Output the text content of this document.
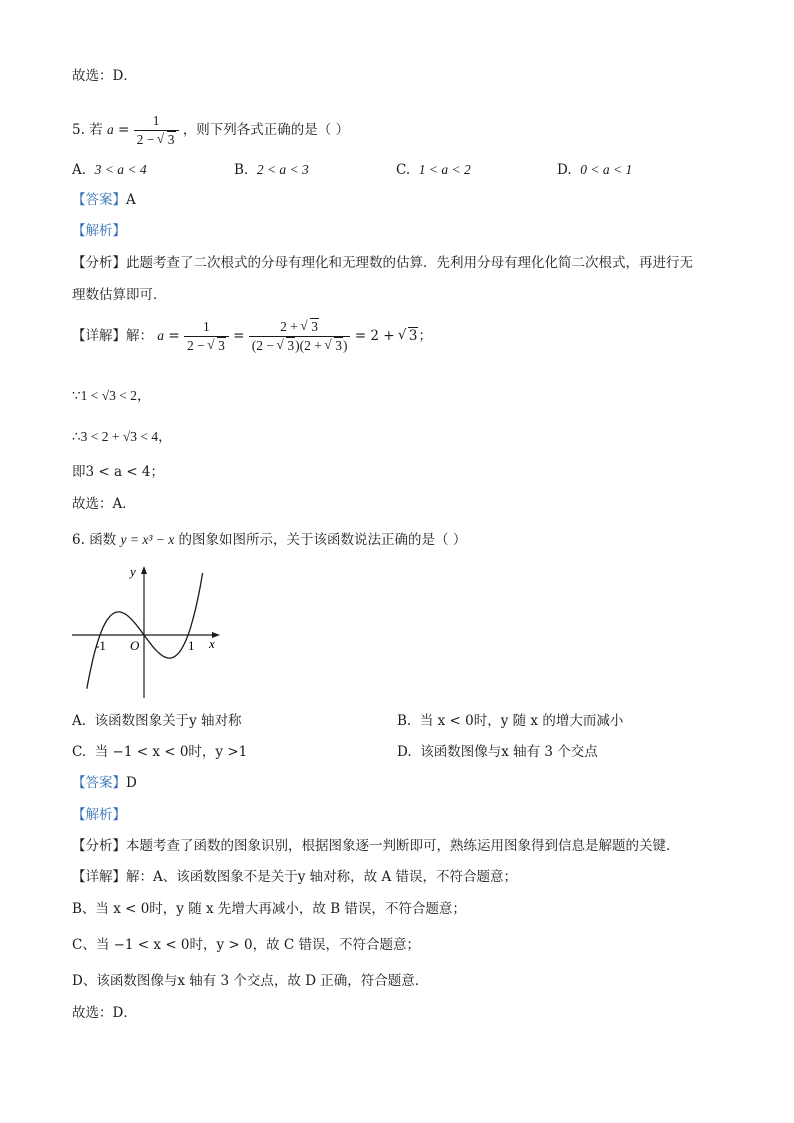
故选：D．
5. 若 $a = \frac{1}{2 - √ 3}$ ，则下列各式正确的是（ ）
A. 3 < a < 4	B. 2 < a < 3	C. 1 < a < 2	D. 0 < a < 1
【答案】A
【解析】
【分析】此题考查了二次根式的分母有理化和无理数的估算．先利用分母有理化化简二次根式，再进行无
理数估算即可．
【详解】解： $a = \frac{1}{2 - √ 3} = \frac{2 + √ 3}{(2 - √ 3)(2 + √ 3)} = 2$ + √ 3；
∵1 < √3 < 2，
∴3 < 2 + √3 < 4，
即3 < a < 4；
故选：A．
6. 函数 y = x³ − x 的图象如图所示，关于该函数说法正确的是（ ）
y
x
O
-1	1
A. 该函数图象关于y 轴对称	B. 当 x < 0时，y 随 x 的增大而减小
C. 当 −1 < x < 0时，y >1	D. 该函数图像与x 轴有 3 个交点
【答案】D
【解析】
【分析】本题考查了函数的图象识别，根据图象逐一判断即可，熟练运用图象得到信息是解题的关键．
【详解】解：A、该函数图象不是关于y 轴对称，故 A 错误，不符合题意；
B、当 x < 0时，y 随 x 先增大再减小，故 B 错误，不符合题意；
C、当 −1 < x < 0时，y > 0，故 C 错误，不符合题意；
D、该函数图像与x 轴有 3 个交点，故 D 正确，符合题意．
故选：D．
